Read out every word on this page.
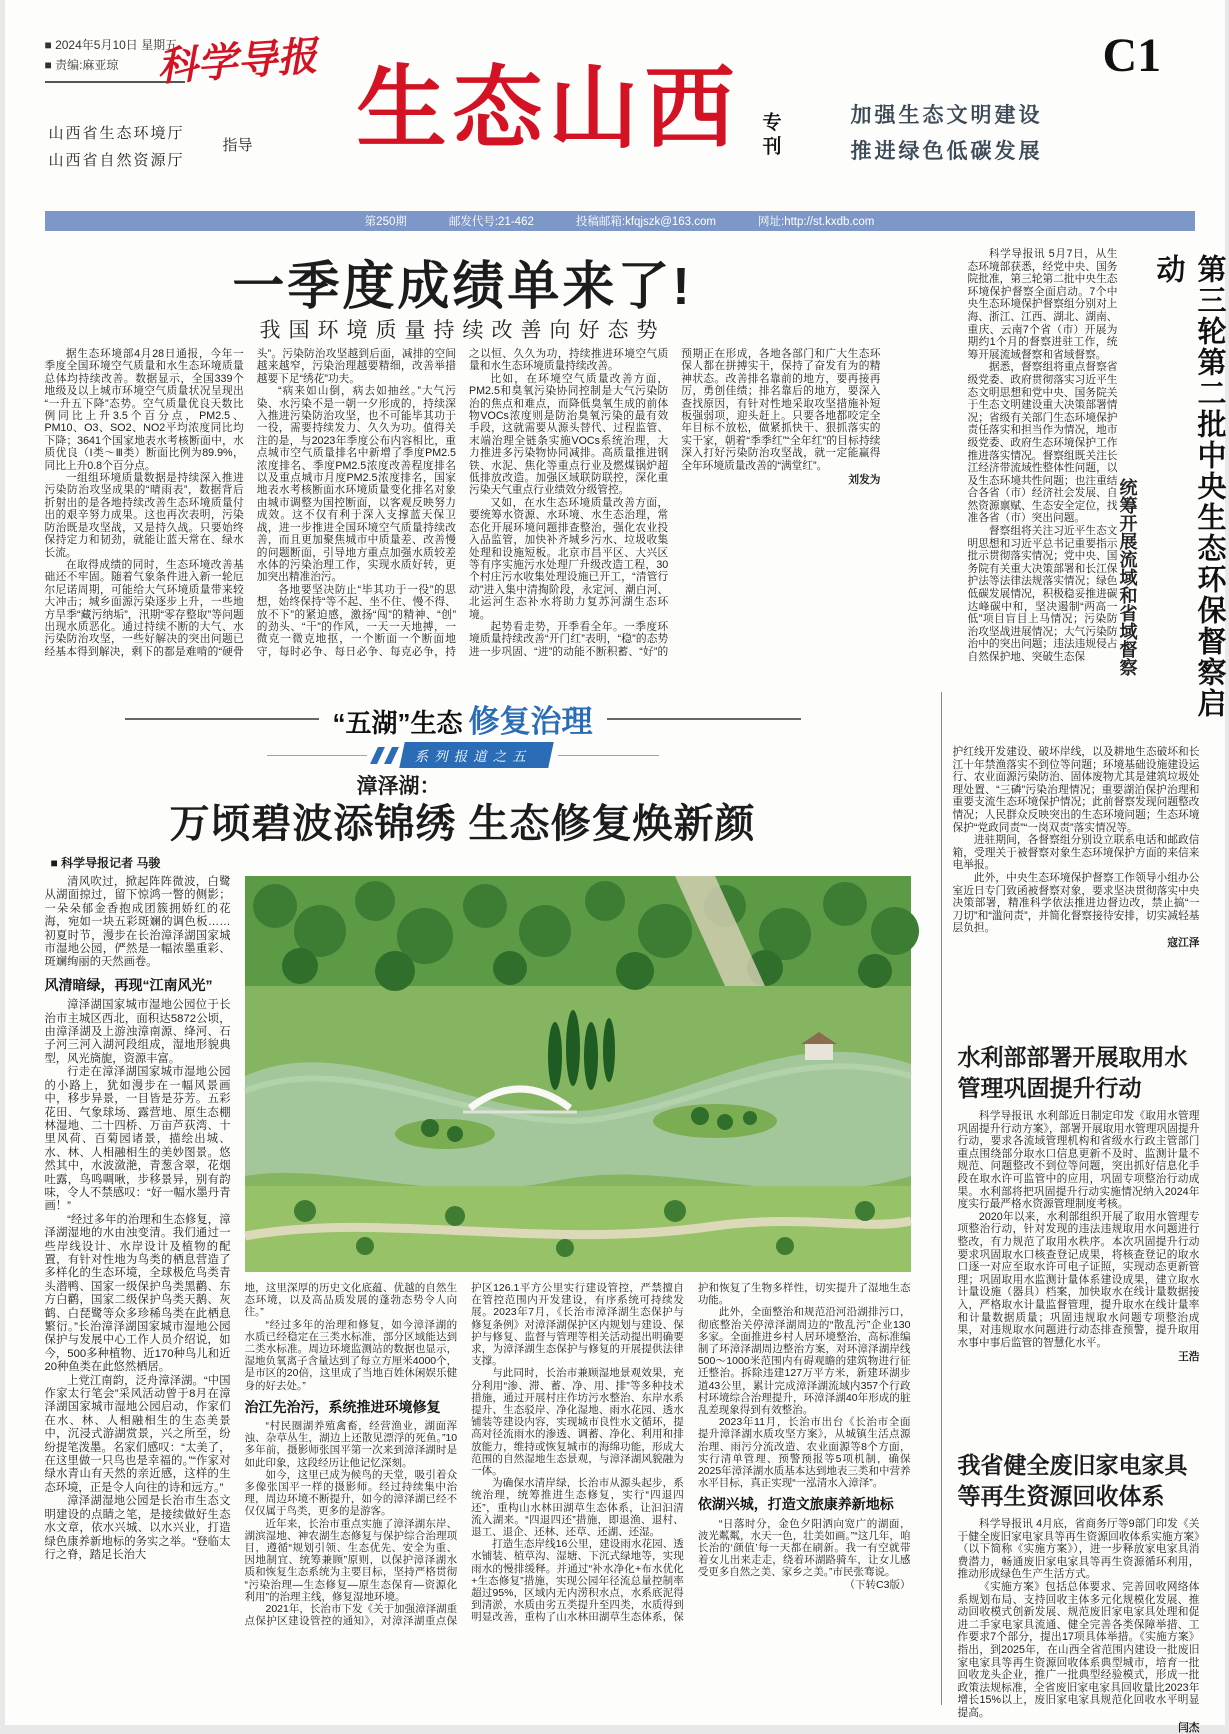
■ 2024年5月10日 星期五
■ 责编:麻亚琼 科学导报
山西省生态环境厅
山西省自然资源厅
指导 生态山西 专刊	加强生态文明建设
推进绿色低碳发展
C1
第250期	邮发代号:21-462	投稿邮箱:kfqjszk@163.com	网址:http://st.kxdb.com
一季度成绩单来了!
我国环境质量持续改善向好态势

据生态环境部4月28日通报，今年一季度全国环境空气质量和水生态环境质量总体均持续改善。数据显示，全国339个地级及以上城市环境空气质量状况呈现出“一升五下降”态势。空气质量优良天数比例同比上升3.5个百分点，PM2.5、PM10、O3、SO2、NO2平均浓度同比均下降；3641个国家地表水考核断面中，水质优良（Ⅰ类～Ⅲ类）断面比例为89.9%，同比上升0.8个百分点。

一组组环境质量数据是持续深入推进污染防治攻坚成果的“晴雨表”，数据背后折射出的是各地持续改善生态环境质量付出的艰辛努力成果。这也再次表明，污染防治既是攻坚战，又是持久战。只要始终保持定力和韧劲，就能让蓝天常在、绿水长流。

在取得成绩的同时，生态环境改善基础还不牢固。随着气象条件进入新一轮厄尔尼诺周期，可能给大气环境质量带来较大冲击；城乡面源污染逐步上升，一些地方旱季“藏污纳垢”，汛期“零存整取”等问题出现水质恶化。通过持续不断的大气、水污染防治攻坚，一些好解决的突出问题已经基本得到解决，剩下的都是难啃的“硬骨头”。污染防治攻坚越到后面，减排的空间越来越窄，污染治理越要精细，改善举措越要下足“绣花”功夫。

“病来如山倒，病去如抽丝。”大气污染、水污染不是一朝一夕形成的，持续深入推进污染防治攻坚，也不可能毕其功于一役，需要持续发力、久久为功。值得关注的是，与2023年季度公布内容相比，重点城市空气质量排名中新增了季度PM2.5浓度排名、季度PM2.5浓度改善程度排名以及重点城市月度PM2.5浓度排名，国家地表水考核断面水环境质量变化排名对象由城市调整为国控断面，以客观反映努力成效。这不仅有利于深入支撑蓝天保卫战，进一步推进全国环境空气质量持续改善，而且更加聚焦城市中质量差、改善慢的问题断面，引导地方重点加强水质较差水体的污染治理工作，实现水质好转，更加突出精准治污。

各地要坚决防止“毕其功于一役”的思想，始终保持“等不起、坐不住、慢不得、放不下”的紧迫感，激扬“闯”的精神、“创”的劲头、“干”的作风，一天一天地搏，一微克一微克地抠，一个断面一个断面地守，每时必争、每日必争、每克必争，持之以恒、久久为功，持续推进环境空气质量和水生态环境质量持续改善。

比如，在环境空气质量改善方面，PM2.5和臭氧污染协同控制是大气污染防治的焦点和难点，而降低臭氧生成的前体物VOCs浓度则是防治臭氧污染的最有效手段，这就需要从源头替代、过程监管、末端治理全链条实施VOCs系统治理，大力推进多污染物协同减排。高质量推进钢铁、水泥、焦化等重点行业及燃煤锅炉超低排放改造。加强区域联防联控，深化重污染天气重点行业绩效分级管控。

又如，在水生态环境质量改善方面，要统筹水资源、水环境、水生态治理，常态化开展环境问题排查整治，强化农业投入品监管，加快补齐城乡污水、垃圾收集处理和设施短板。北京市昌平区、大兴区等有序实施污水处理厂升级改造工程，30个村庄污水收集处理设施已开工，“清管行动”进入集中清掏阶段，永定河、潮白河、北运河生态补水将助力复苏河湖生态环境。

起势看走势，开季看全年。一季度环境质量持续改善“开门红”表明，“稳”的态势进一步巩固、“进”的动能不断积蓄、“好”的预期正在形成，各地各部门和广大生态环保人都在拼搏实干，保持了奋发有为的精神状态。改善排名靠前的地方，要再接再厉，勇创佳绩；排名靠后的地方，要深入查找原因，有针对性地采取攻坚措施补短板强弱项，迎头赶上。只要各地都咬定全年目标不放松，做紧抓快干、狠抓落实的实干家，朝着“季季红”“全年红”的目标持续深入打好污染防治攻坚战，就一定能赢得全年环境质量改善的“满堂红”。

刘发为

科学导报讯 5月7日，从生态环境部获悉，经党中央、国务院批准，第三轮第二批中央生态环境保护督察全面启动。7个中央生态环境保护督察组分别对上海、浙江、江西、湖北、湖南、重庆、云南7个省（市）开展为期约1个月的督察进驻工作，统筹开展流域督察和省域督察。

据悉，督察组将重点督察省级党委、政府贯彻落实习近平生态文明思想和党中央、国务院关于生态文明建设重大决策部署情况；省级有关部门生态环境保护责任落实和担当作为情况，地市级党委、政府生态环境保护工作推进落实情况。督察组既关注长江经济带流域性整体性问题，以及生态环境共性问题；也注重结合各省（市）经济社会发展、自然资源禀赋、生态安全定位，找准各省（市）突出问题。

督察组将关注习近平生态文明思想和习近平总书记重要指示批示贯彻落实情况；党中央、国务院有关重大决策部署和长江保护法等法律法规落实情况；绿色低碳发展情况，积极稳妥推进碳达峰碳中和，坚决遏制“两高一低”项目盲目上马情况；污染防治攻坚战进展情况；大气污染防治中的突出问题；违法违规侵占自然保护地、突破生态保

护红线开发建设、破坏岸线，以及耕地生态破坏和长江十年禁渔落实不到位等问题；环境基础设施建设运行、农业面源污染防治、固体废物尤其是建筑垃圾处理处置、“三磷”污染治理情况；重要湖泊保护治理和重要支流生态环境保护情况；此前督察发现问题整改情况；人民群众反映突出的生态环境问题；生态环境保护“党政同责”“一岗双责”落实情况等。

进驻期间，各督察组分别设立联系电话和邮政信箱，受理关于被督察对象生态环境保护方面的来信来电举报。

此外，中央生态环境保护督察工作领导小组办公室近日专门致函被督察对象，要求坚决贯彻落实中央决策部署，精准科学依法推进边督边改，禁止搞“一刀切”和“滥问责”，并简化督察接待安排，切实减轻基层负担。

寇江泽

第三轮第二批中央生态环保督察启动
统筹开展流域和省域督察
水利部部署开展取用水管理巩固提升行动

科学导报讯 水利部近日制定印发《取用水管理巩固提升行动方案》，部署开展取用水管理巩固提升行动，要求各流域管理机构和省级水行政主管部门重点围绕部分取水口信息更新不及时、监测计量不规范、问题整改不到位等问题，突出抓好信息化手段在取水许可监管中的应用，巩固专项整治行动成果。水利部将把巩固提升行动实施情况纳入2024年度实行最严格水资源管理制度考核。

2020年以来，水利部组织开展了取用水管理专项整治行动，针对发现的违法违规取用水问题进行整改，有力规范了取用水秩序。本次巩固提升行动要求巩固取水口核查登记成果，将核查登记的取水口逐一对应至取水许可电子证照，实现动态更新管理；巩固取用水监测计量体系建设成果，建立取水计量设施（器具）档案，加快取水在线计量数据接入，严格取水计量监督管理，提升取水在线计量率和计量数据质量；巩固违规取水问题专项整治成果，对违规取水问题进行动态排查预警，提升取用水事中事后监管的智慧化水平。

王浩

我省健全废旧家电家具等再生资源回收体系

科学导报讯 4月底，省商务厅等9部门印发《关于健全废旧家电家具等再生资源回收体系实施方案》（以下简称《实施方案》），进一步释放家电家具消费潜力，畅通废旧家电家具等再生资源循环利用，推动形成绿色生产生活方式。

《实施方案》包括总体要求、完善回收网络体系规划布局、支持回收主体多元化规模化发展、推动回收模式创新发展、规范废旧家电家具处理和促进二手家电家具流通、健全完善各类保障举措、工作要求7个部分，提出17项具体举措。《实施方案》指出，到2025年，在山西全省范围内建设一批废旧家电家具等再生资源回收体系典型城市，培育一批回收龙头企业，推广一批典型经验模式，形成一批政策法规标准，全省废旧家电家具回收量比2023年增长15%以上，废旧家电家具规范化回收水平明显提高。

闫杰

“五湖”生态 修复治理
系列报道之五
漳泽湖：
万顷碧波添锦绣 生态修复焕新颜
■ 科学导报记者 马骏

清风吹过，掀起阵阵微波，白鹭从湖面掠过，留下惊鸿一瞥的侧影；一朵朵郁金香抱成团簇拥娇红的花海，宛如一块五彩斑斓的调色板……初夏时节，漫步在长治漳泽湖国家城市湿地公园，俨然是一幅浓墨重彩、斑斓绚丽的天然画卷。

风清暗绿，再现“江南风光”

漳泽湖国家城市湿地公园位于长治市主城区西北，面积达5872公顷，由漳泽湖及上游浊漳南源、绛河、石子河三河入湖河段组成，湿地形貌典型，风光旖旎，资源丰富。

行走在漳泽湖国家城市湿地公园的小路上，犹如漫步在一幅风景画中，移步异景，一目皆是芬芳。五彩花田、气象球场、露营地、原生态棚林湿地、二十四桥、万亩芦荻湾、十里风荷、百菊园诸景，描绘出城、水、林、人相融相生的美妙图景。悠然其中，水波潋滟，青葱含翠，花烟吐露，鸟鸣啁啾，步移景异，别有韵味，令人不禁感叹：“好一幅水墨丹青画！”

“经过多年的治理和生态修复，漳泽湖湿地的水由浊变清。我们通过一些岸线设计、水岸设计及植物的配置，有针对性地为鸟类的栖息营造了多样化的生态环境，全球极危鸟类青头潜鸭、国家一级保护鸟类黑鹳、东方白鹳，国家二级保护鸟类天鹅、灰鹤、白琵鹭等众多珍稀鸟类在此栖息繁衍。”长治漳泽湖国家城市湿地公园保护与发展中心工作人员介绍说，如今，500多种植物、近170种鸟儿和近20种鱼类在此悠然栖居。

上党江南韵，泛舟漳泽湖。“中国作家太行笔会”采风活动曾于8月在漳泽湖国家城市湿地公园启动，作家们在水、林、人相融相生的生态美景中，沉浸式游湖赏景，兴之所至，纷纷提笔泼墨。名家们感叹：“太美了，在这里做一只鸟也是幸福的。”“作家对绿水青山有天然的亲近感，这样的生态环境，正是令人向往的诗和远方。”

漳泽湖湿地公园是长治市生态文明建设的点睛之笔，是接续做好生态水文章，依水兴城、以水兴业，打造绿色康养新地标的务实之举。“登临太行之脊，踏足长治大

地，这里深厚的历史文化底蕴、优越的自然生态环境，以及高品质发展的蓬勃态势令人向往。”

“经过多年的治理和修复，如今漳泽湖的水质已经稳定在三类水标准，部分区域能达到二类水标准。周边环境监测站的数据也显示，湿地负氧离子含量达到了每立方厘米4000个，是市区的20倍，这里成了当地百姓休闲娱乐健身的好去处。”

治江先治污，系统推进环境修复

“村民圈湖养殖禽畜，经营渔业，湖面浑浊、杂草丛生，湖边上还散见漂浮的死鱼。”10多年前，摄影师张国平第一次来到漳泽湖时是如此印象，这段经历让他记忆深刻。

如今，这里已成为候鸟的天堂，吸引着众多像张国平一样的摄影师。经过持续集中治理，周边环境不断提升，如今的漳泽湖已经不仅仅属于鸟类，更多的是游客。

近年来，长治市重点实施了漳泽湖东岸、湖滨湿地、神农湖生态修复与保护综合治理项目，遵循“规划引领、生态优先、安全为重、因地制宜、统筹兼顾”原则，以保护漳泽湖水质和恢复生态系统为主要目标，坚持严格贯彻“污染治理—生态修复—原生态保育—资源化利用”的治理主线，修复湿地环境。

2021年，长治市下发《关于加强漳泽湖重点保护区建设管控的通知》，对漳泽湖重点保护区126.1平方公里实行建设管控，严禁擅自在管控范围内开发建设，有序系统可持续发展。2023年7月，《长治市漳泽湖生态保护与修复条例》对漳泽湖保护区内规划与建设、保护与修复、监督与管理等相关活动提出明确要求，为漳泽湖生态保护与修复的开展提供法律支撑。

与此同时，长治市兼顾湿地景观效果，充分利用“渗、滞、蓄、净、用、排”等多种技术措施，通过开展村庄作坊污水整治、东岸水系提升、生态驳岸、净化湿地、雨水花园、透水铺装等建设内容，实现城市良性水文循环，提高对径流雨水的渗透、调蓄、净化、利用和排放能力，维持或恢复城市的海绵功能，形成大范围的自然湿地生态景观，与漳泽湖风貌融为一体。

为确保水清岸绿，长治市从源头起步，系统治理，统筹推进生态修复，实行“四退四还”，重构山水林田湖草生态体系，让汩汩清流入湖来。“四退四还”措施，即退渔、退村、退工、退企、还林、还草、还湖、还湿。

打造生态岸线16公里，建设雨水花园、透水铺装、植草沟、湿塘、下沉式绿地等，实现雨水的慢排缓释。并通过“补水净化+布水优化+生态修复”措施，实现公园年径流总量控制率超过95%，区域内无内涝积水点，水系底泥得到清淤，水质由劣五类提升至四类，水质得到明显改善，重构了山水林田湖草生态体系，保护和恢复了生物多样性，切实提升了湿地生态功能。

此外，全面整治和规范沿河沿湖排污口，彻底整治关停漳泽湖周边的“散乱污”企业130多家。全面推进乡村人居环境整治，高标准编制了环漳泽湖周边整治方案，对环漳泽湖岸线500～1000米范围内有碍观瞻的建筑物进行征迁整治。拆除违建127万平方米，新建环湖步道43公里，累计完成漳泽湖流域内357个行政村环境综合治理提升，环漳泽湖40年形成的脏乱差现象得到有效整治。

2023年11月，长治市出台《长治市全面提升漳泽湖水质攻坚方案》，从城镇生活点源治理、雨污分流改造、农业面源等8个方面，实行清单管理、预警预报等5项机制，确保2025年漳泽湖水质基本达到地表三类和中营养水平目标，真正实现“一泓清水入漳泽”。

依湖兴城，打造文旅康养新地标

“日落时分，金色夕阳洒向宽广的湖面，波光粼粼，水天一色，壮美如画。”“这几年，咱长治的‘颜值’每一天都在刷新。我一有空就带着女儿出来走走，绕着环湖路骑车，让女儿感受更多自然之美、家乡之美。”市民张骞说。

（下转C3版）
